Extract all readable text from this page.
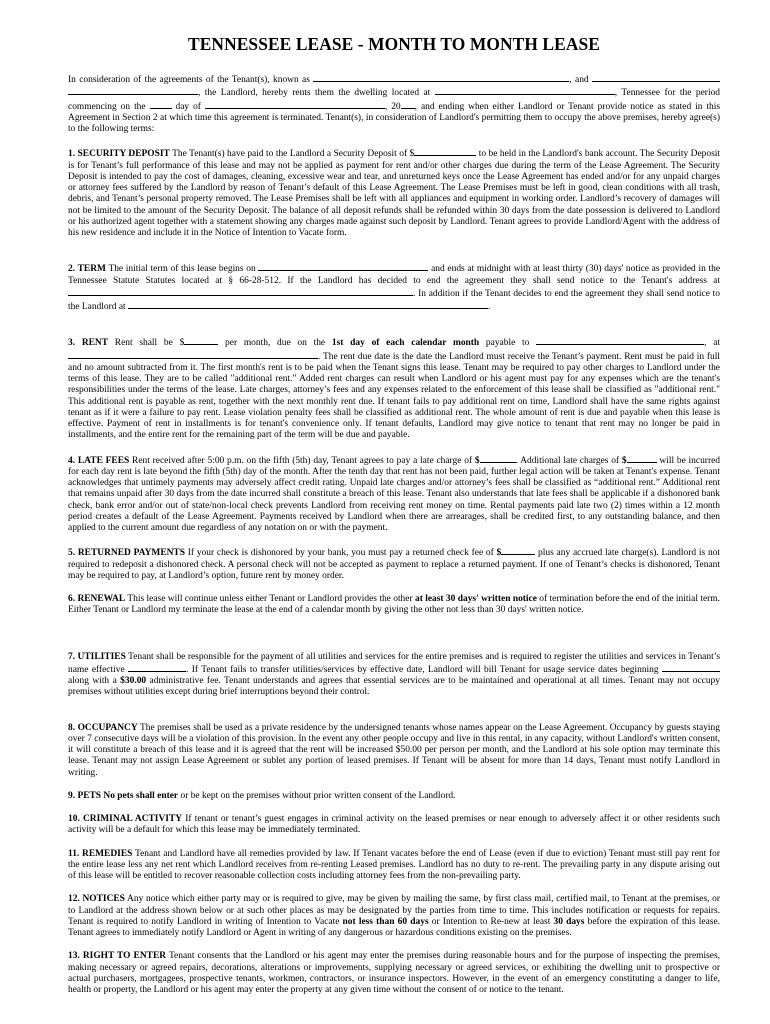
TENNESSEE LEASE - MONTH TO MONTH LEASE

In consideration of the agreements of the Tenant(s), known as	, and  , the Landlord, hereby rents them the dwelling located at	, Tennessee for the period commencing on the	day of	, 20 , and ending when either Landlord or Tenant provide notice as stated in this Agreement in Section 2 at which time this agreement is terminated. Tenant(s), in consideration of Landlord's permitting them to occupy the above premises, hereby agree(s) to the following terms:

1. SECURITY DEPOSIT The Tenant(s) have paid to the Landlord a Security Deposit of $	to be held in the Landlord's bank account. The Security Deposit is for Tenant’s full performance of this lease and may not be applied as payment for rent and/or other charges due during the term of the Lease Agreement. The Security Deposit is intended to pay the cost of damages, cleaning, excessive wear and tear, and unreturned keys once the Lease Agreement has ended and/or for any unpaid charges or attorney fees suffered by the Landlord by reason of Tenant’s default of this Lease Agreement. The Lease Premises must be left in good, clean conditions with all trash, debris, and Tenant’s personal property removed. The Lease Premises shall be left with all appliances and equipment in working order. Landlord’s recovery of damages will not be limited to the amount of the Security Deposit. The balance of all deposit refunds shall be refunded within 30 days from the date possession is delivered to Landlord or his authorized agent together with a statement showing any charges made against such deposit by Landlord. Tenant agrees to provide Landlord/Agent with the address of his new residence and include it in the Notice of Intention to Vacate form.

2. TERM The initial term of this lease begins on	and ends at midnight with at least thirty (30) days' notice as provided in the Tennessee Statute Statutes located at § 66-28-512. If the Landlord has decided to end the agreement they shall send notice to the Tenant's address at . In addition if the Tenant decides to end the agreement they shall send notice to the Landlord at	.

3. RENT Rent shall be $	per month, due on the 1st day of each calendar month payable to	, at . The rent due date is the date the Landlord must receive the Tenant’s payment. Rent must be paid in full and no amount subtracted from it. The first month's rent is to be paid when the Tenant signs this lease. Tenant may be required to pay other charges to Landlord under the terms of this lease. They are to be called "additional rent." Added rent charges can result when Landlord or his agent must pay for any expenses which are the tenant's responsibilities under the terms of the lease. Late charges, attorney’s fees and any expenses related to the enforcement of this lease shall be classified as "additional rent." This additional rent is payable as rent, together with the next monthly rent due. If tenant fails to pay additional rent on time, Landlord shall have the same rights against tenant as if it were a failure to pay rent. Lease violation penalty fees shall be classified as additional rent. The whole amount of rent is due and payable when this lease is effective. Payment of rent in installments is for tenant's convenience only. If tenant defaults, Landlord may give notice to tenant that rent may no longer be paid in installments, and the entire rent for the remaining part of the term will be due and payable.

4. LATE FEES Rent received after 5:00 p.m. on the fifth (5th) day, Tenant agrees to pay a late charge of $	. Additional late charges of $	will be incurred for each day rent is late beyond the fifth (5th) day of the month. After the tenth day that rent has not been paid, further legal action will be taken at Tenant's expense. Tenant acknowledges that untimely payments may adversely affect credit rating. Unpaid late charges and/or attorney’s fees shall be classified as “additional rent.” Additional rent that remains unpaid after 30 days from the date incurred shall constitute a breach of this lease. Tenant also understands that late fees shall be applicable if a dishonored bank check, bank error and/or out of state/non-local check prevents Landlord from receiving rent money on time. Rental payments paid late two (2) times within a 12 month period creates a default of the Lease Agreement. Payments received by Landlord when there are arrearages, shall be credited first, to any outstanding balance, and then applied to the current amount due regardless of any notation on or with the payment.

5. RETURNED PAYMENTS If your check is dishonored by your bank, you must pay a returned check fee of $	plus any accrued late charge(s). Landlord is not required to redeposit a dishonored check. A personal check will not be accepted as payment to replace a returned payment. If one of Tenant’s checks is dishonored, Tenant may be required to pay, at Landlord’s option, future rent by money order.

6. RENEWAL This lease will continue unless either Tenant or Landlord provides the other at least 30 days' written notice of termination before the end of the initial term. Either Tenant or Landlord my terminate the lease at the end of a calendar month by giving the other not less than 30 days' written notice.

7. UTILITIES Tenant shall be responsible for the payment of all utilities and services for the entire premises and is required to register the utilities and services in Tenant’s name effective	. If Tenant fails to transfer utilities/services by effective date, Landlord will bill Tenant for usage service dates beginning  along with a $30.00 administrative fee. Tenant understands and agrees that essential services are to be maintained and operational at all times. Tenant may not occupy premises without utilities except during brief interruptions beyond their control.

8. OCCUPANCY The premises shall be used as a private residence by the undersigned tenants whose names appear on the Lease Agreement. Occupancy by guests staying over 7 consecutive days will be a violation of this provision. In the event any other people occupy and live in this rental, in any capacity, without Landlord's written consent, it will constitute a breach of this lease and it is agreed that the rent will be increased $50.00 per person per month, and the Landlord at his sole option may terminate this lease. Tenant may not assign Lease Agreement or sublet any portion of leased premises. If Tenant will be absent for more than 14 days, Tenant must notify Landlord in writing.

9. PETS No pets shall enter or be kept on the premises without prior written consent of the Landlord.

10. CRIMINAL ACTIVITY If tenant or tenant’s guest engages in criminal activity on the leased premises or near enough to adversely affect it or other residents such activity will be a default for which this lease may be immediately terminated.

11. REMEDIES Tenant and Landlord have all remedies provided by law. If Tenant vacates before the end of Lease (even if due to eviction) Tenant must still pay rent for the entire lease less any net rent which Landlord receives from re-renting Leased premises. Landlord has no duty to re-rent. The prevailing party in any dispute arising out of this lease will be entitled to recover reasonable collection costs including attorney fees from the non-prevailing party.

12. NOTICES Any notice which either party may or is required to give, may be given by mailing the same, by first class mail, certified mail, to Tenant at the premises, or to Landlord at the address shown below or at such other places as may be designated by the parties from time to time. This includes notification or requests for repairs. Tenant is required to notify Landlord in writing of Intention to Vacate not less than 60 days or Intention to Re-new at least 30 days before the expiration of this lease. Tenant agrees to immediately notify Landlord or Agent in writing of any dangerous or hazardous conditions existing on the premises.

13. RIGHT TO ENTER Tenant consents that the Landlord or his agent may enter the premises during reasonable hours and for the purpose of inspecting the premises, making necessary or agreed repairs, decorations, alterations or improvements, supplying necessary or agreed services, or exhibiting the dwelling unit to prospective or actual purchasers, mortgagees, prospective tenants, workmen, contractors, or insurance inspectors. However, in the event of an emergency constituting a danger to life, health or property, the Landlord or his agent may enter the property at any given time without the consent of or notice to the tenant.
